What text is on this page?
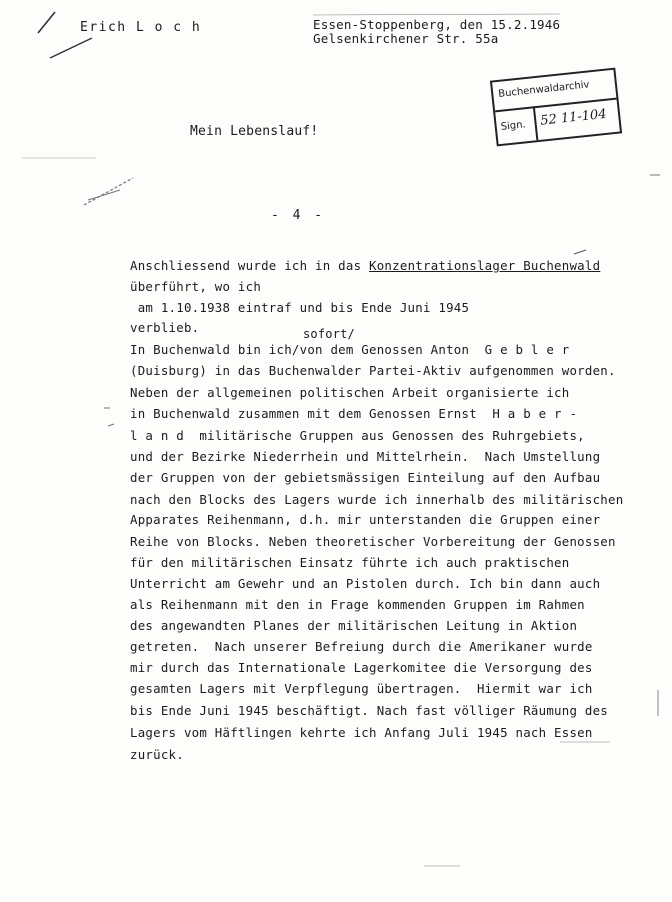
Erich L o c h	Essen-Stoppenberg, den 15.2.1946
Gelsenkirchener Str. 55a
Buchenwaldarchiv
Sign. 52 11-104
Mein Lebenslauf!
- 4 -
Anschliessend wurde ich in das Konzentrationslager Buchenwald
sofort/
überführt, wo ich
am 1.10.1938 eintraf und bis Ende Juni 1945
verblieb.
In Buchenwald bin ich/von dem Genossen Anton  G e b l e r
(Duisburg) in das Buchenwalder Partei-Aktiv aufgenommen worden.
Neben der allgemeinen politischen Arbeit organisierte ich
in Buchenwald zusammen mit dem Genossen Ernst  H a b e r -
l a n d  militärische Gruppen aus Genossen des Ruhrgebiets,
und der Bezirke Niederrhein und Mittelrhein.  Nach Umstellung
der Gruppen von der gebietsmässigen Einteilung auf den Aufbau
nach den Blocks des Lagers wurde ich innerhalb des militärischen
Apparates Reihenmann, d.h. mir unterstanden die Gruppen einer
Reihe von Blocks. Neben theoretischer Vorbereitung der Genossen
für den militärischen Einsatz führte ich auch praktischen
Unterricht am Gewehr und an Pistolen durch. Ich bin dann auch
als Reihenmann mit den in Frage kommenden Gruppen im Rahmen
des angewandten Planes der militärischen Leitung in Aktion
getreten.  Nach unserer Befreiung durch die Amerikaner wurde
mir durch das Internationale Lagerkomitee die Versorgung des
gesamten Lagers mit Verpflegung übertragen.  Hiermit war ich
bis Ende Juni 1945 beschäftigt. Nach fast völliger Räumung des
Lagers vom Häftlingen kehrte ich Anfang Juli 1945 nach Essen
zurück.
